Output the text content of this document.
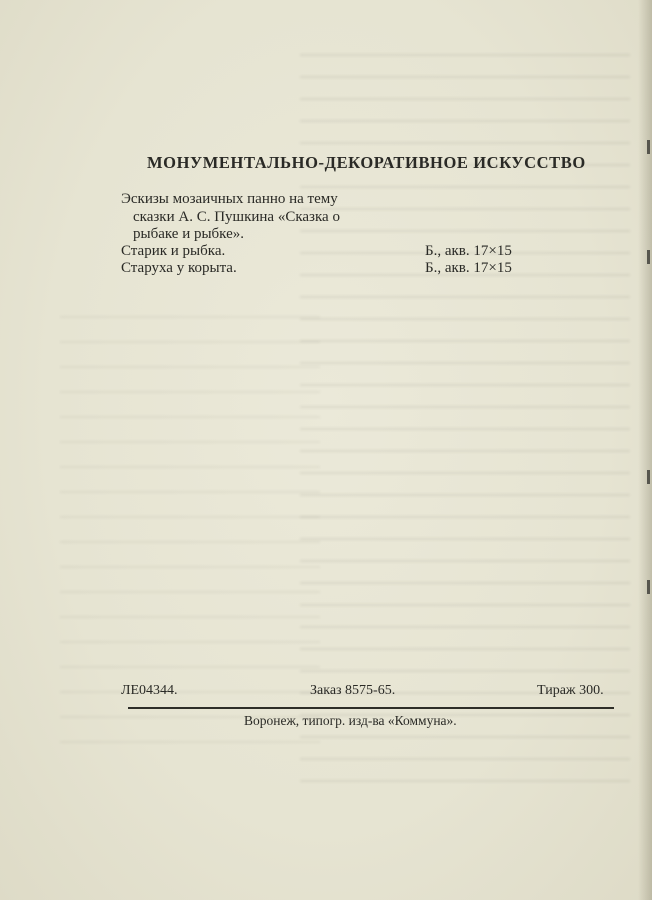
МОНУМЕНТАЛЬНО-ДЕКОРАТИВНОЕ ИСКУССТВО
Эскизы мозаичных панно на тему
сказки А. С. Пушкина «Сказка о
рыбаке и рыбке».
Старик и рыбка.	Б., акв. 17×15
Старуха у корыта.	Б., акв. 17×15
ЛЕ04344.	Заказ 8575-65.	Тираж 300.
Воронеж, типогр. изд-ва «Коммуна».
